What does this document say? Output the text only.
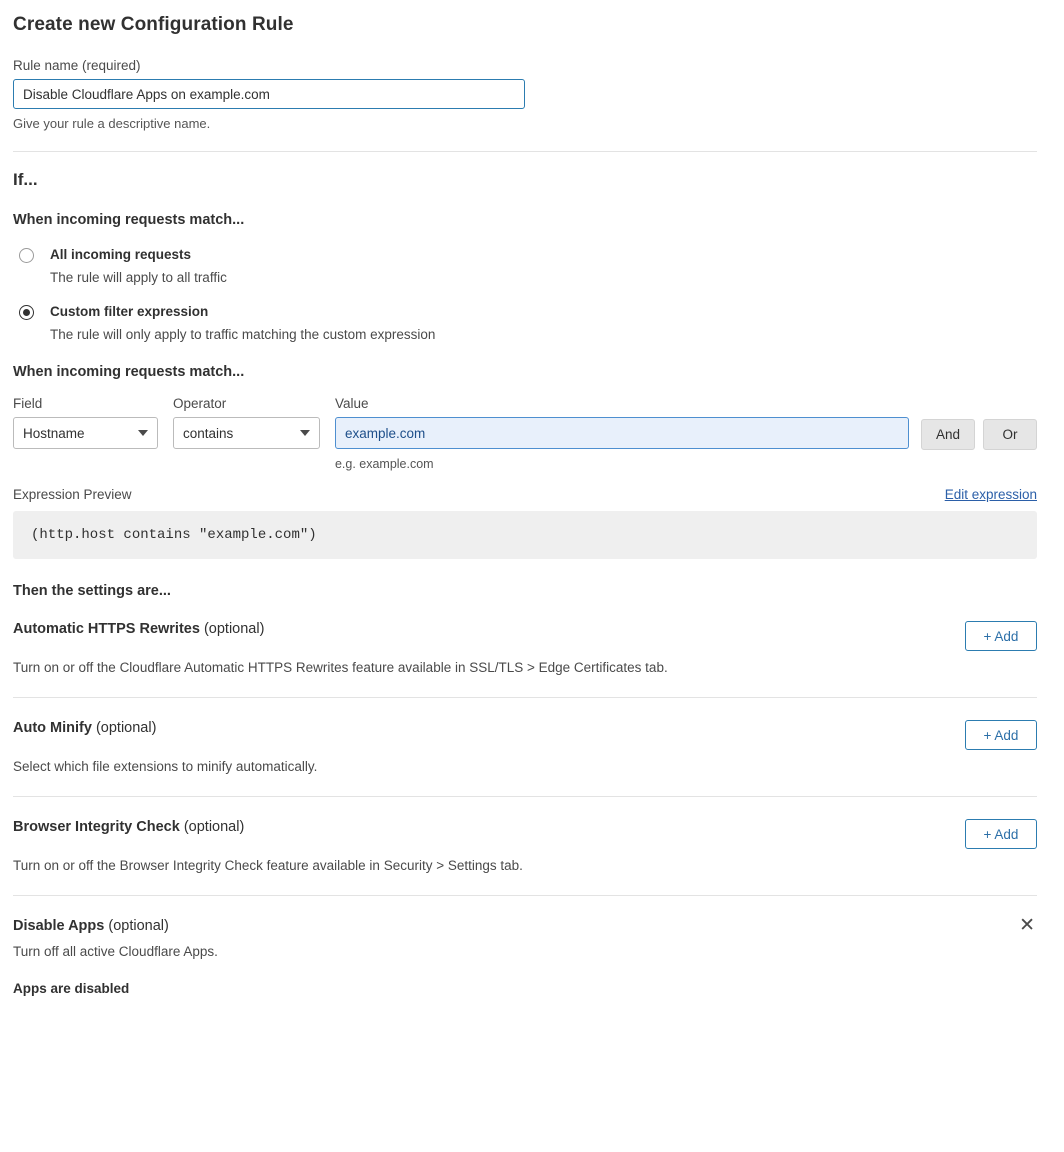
Create new Configuration Rule
Rule name (required)
Disable Cloudflare Apps on example.com
Give your rule a descriptive name.
If...
When incoming requests match...
All incoming requests
The rule will apply to all traffic
Custom filter expression
The rule will only apply to traffic matching the custom expression
When incoming requests match...
Field
Hostname
Operator
contains
Value
example.com
e.g. example.com
And	Or
Expression Preview	Edit expression
(http.host contains "example.com")
Then the settings are...
Automatic HTTPS Rewrites (optional)	+ Add
Turn on or off the Cloudflare Automatic HTTPS Rewrites feature available in SSL/TLS > Edge Certificates tab.
Auto Minify (optional)	+ Add
Select which file extensions to minify automatically.
Browser Integrity Check (optional)	+ Add
Turn on or off the Browser Integrity Check feature available in Security > Settings tab.
Disable Apps (optional)	✕
Turn off all active Cloudflare Apps.
Apps are disabled
